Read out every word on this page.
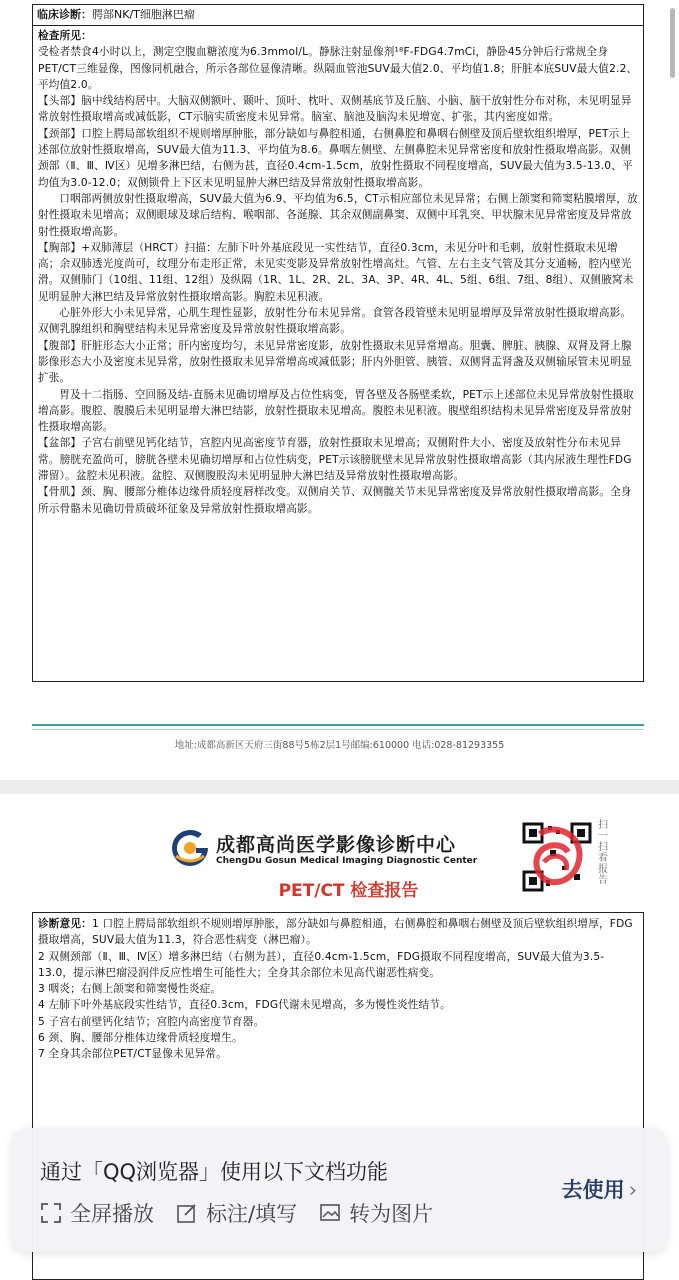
临床诊断：腭部NK/T细胞淋巴瘤

检查所见：

受检者禁食4小时以上，测定空腹血糖浓度为6.3mmol/L。静脉注射显像剂¹⁸F-FDG4.7mCi，静卧45分钟后行常规全身PET/CT三维显像，图像同机融合，所示各部位显像清晰。纵隔血管池SUV最大值2.0、平均值1.8；肝脏本底SUV最大值2.2、平均值2.0。

【头部】脑中线结构居中。大脑双侧额叶、颞叶、顶叶、枕叶、双侧基底节及丘脑、小脑、脑干放射性分布对称，未见明显异常放射性摄取增高或减低影，CT示脑实质密度未见异常。脑室、脑池及脑沟未见增宽、扩张，其内密度如常。

【颈部】口腔上腭局部软组织不规则增厚肿胀，部分缺如与鼻腔相通，右侧鼻腔和鼻咽右侧壁及顶后壁软组织增厚，PET示上述部位放射性摄取增高，SUV最大值为11.3、平均值为8.6。鼻咽左侧壁、左侧鼻腔未见异常密度和放射性摄取增高影。双侧颈部（Ⅱ、Ⅲ、Ⅳ区）见增多淋巴结，右侧为甚，直径0.4cm-1.5cm，放射性摄取不同程度增高，SUV最大值为3.5-13.0、平均值为3.0-12.0；双侧锁骨上下区未见明显肿大淋巴结及异常放射性摄取增高影。

口咽部两侧放射性摄取增高，SUV最大值为6.9、平均值为6.5，CT示相应部位未见异常；右侧上颌窦和筛窦粘膜增厚，放射性摄取未见增高；双侧眼球及球后结构、喉咽部、各涎腺、其余双侧副鼻窦、双侧中耳乳突、甲状腺未见异常密度及异常放射性摄取增高影。

【胸部】+双肺薄层（HRCT）扫描：左肺下叶外基底段见一实性结节，直径0.3cm，未见分叶和毛刺，放射性摄取未见增高；余双肺透光度尚可，纹理分布走形正常，未见实变影及异常放射性增高灶。气管、左右主支气管及其分支通畅，腔内壁光滑。双侧肺门（10组、11组、12组）及纵隔（1R、1L、2R、2L、3A、3P、4R、4L、5组、6组、7组、8组）、双侧腋窝未见明显肿大淋巴结及异常放射性摄取增高影。胸腔未见积液。

心脏外形大小未见异常，心肌生理性显影，放射性分布未见异常。食管各段管壁未见明显增厚及异常放射性摄取增高影。双侧乳腺组织和胸壁结构未见异常密度及异常放射性摄取增高影。

【腹部】肝脏形态大小正常；肝内密度均匀，未见异常密度影，放射性摄取未见异常增高。胆囊、脾脏、胰腺、双肾及肾上腺影像形态大小及密度未见异常，放射性摄取未见异常增高或减低影；肝内外胆管、胰管、双侧肾盂肾盏及双侧输尿管未见明显扩张。

胃及十二指肠、空回肠及结-直肠未见确切增厚及占位性病变，胃各壁及各肠壁柔软，PET示上述部位未见异常放射性摄取增高影。腹腔、腹膜后未见明显增大淋巴结影，放射性摄取未见增高。腹腔未见积液。腹壁组织结构未见异常密度及异常放射性摄取增高影。

【盆部】子宫右前壁见钙化结节，宫腔内见高密度节育器，放射性摄取未见增高；双侧附件大小、密度及放射性分布未见异常。膀胱充盈尚可，膀胱各壁未见确切增厚和占位性病变，PET示该膀胱壁未见异常放射性摄取增高影（其内尿液生理性FDG滞留）。盆腔未见积液。盆腔、双侧腹股沟未见明显肿大淋巴结及异常放射性摄取增高影。

【骨肌】颈、胸、腰部分椎体边缘骨质轻度唇样改变。双侧肩关节、双侧髋关节未见异常密度及异常放射性摄取增高影。全身所示骨骼未见确切骨质破坏征象及异常放射性摄取增高影。

地址:成都高新区天府三街88号5栋2层1号邮编:610000 电话:028-81293355
成都高尚医学影像诊断中心
ChengDu Gosun Medical Imaging Diagnostic Center
PET/CT 检查报告
扫一扫看报告

诊断意见：1 口腔上腭局部软组织不规则增厚肿胀，部分缺如与鼻腔相通，右侧鼻腔和鼻咽右侧壁及顶后壁软组织增厚，FDG摄取增高，SUV最大值为11.3，符合恶性病变（淋巴瘤）。

2 双侧颈部（Ⅱ、Ⅲ、Ⅳ区）增多淋巴结（右侧为甚），直径0.4cm-1.5cm，FDG摄取不同程度增高，SUV最大值为3.5-13.0，提示淋巴瘤浸润伴反应性增生可能性大；全身其余部位未见高代谢恶性病变。

3 咽炎；右侧上颌窦和筛窦慢性炎症。

4 左肺下叶外基底段实性结节，直径0.3cm，FDG代谢未见增高，多为慢性炎性结节。

5 子宫右前壁钙化结节；宫腔内高密度节育器。

6 颈、胸、腰部分椎体边缘骨质轻度增生。

7 全身其余部位PET/CT显像未见异常。

通过「QQ浏览器」使用以下文档功能
全屏播放 标注/填写 转为图片
去使用 ›
